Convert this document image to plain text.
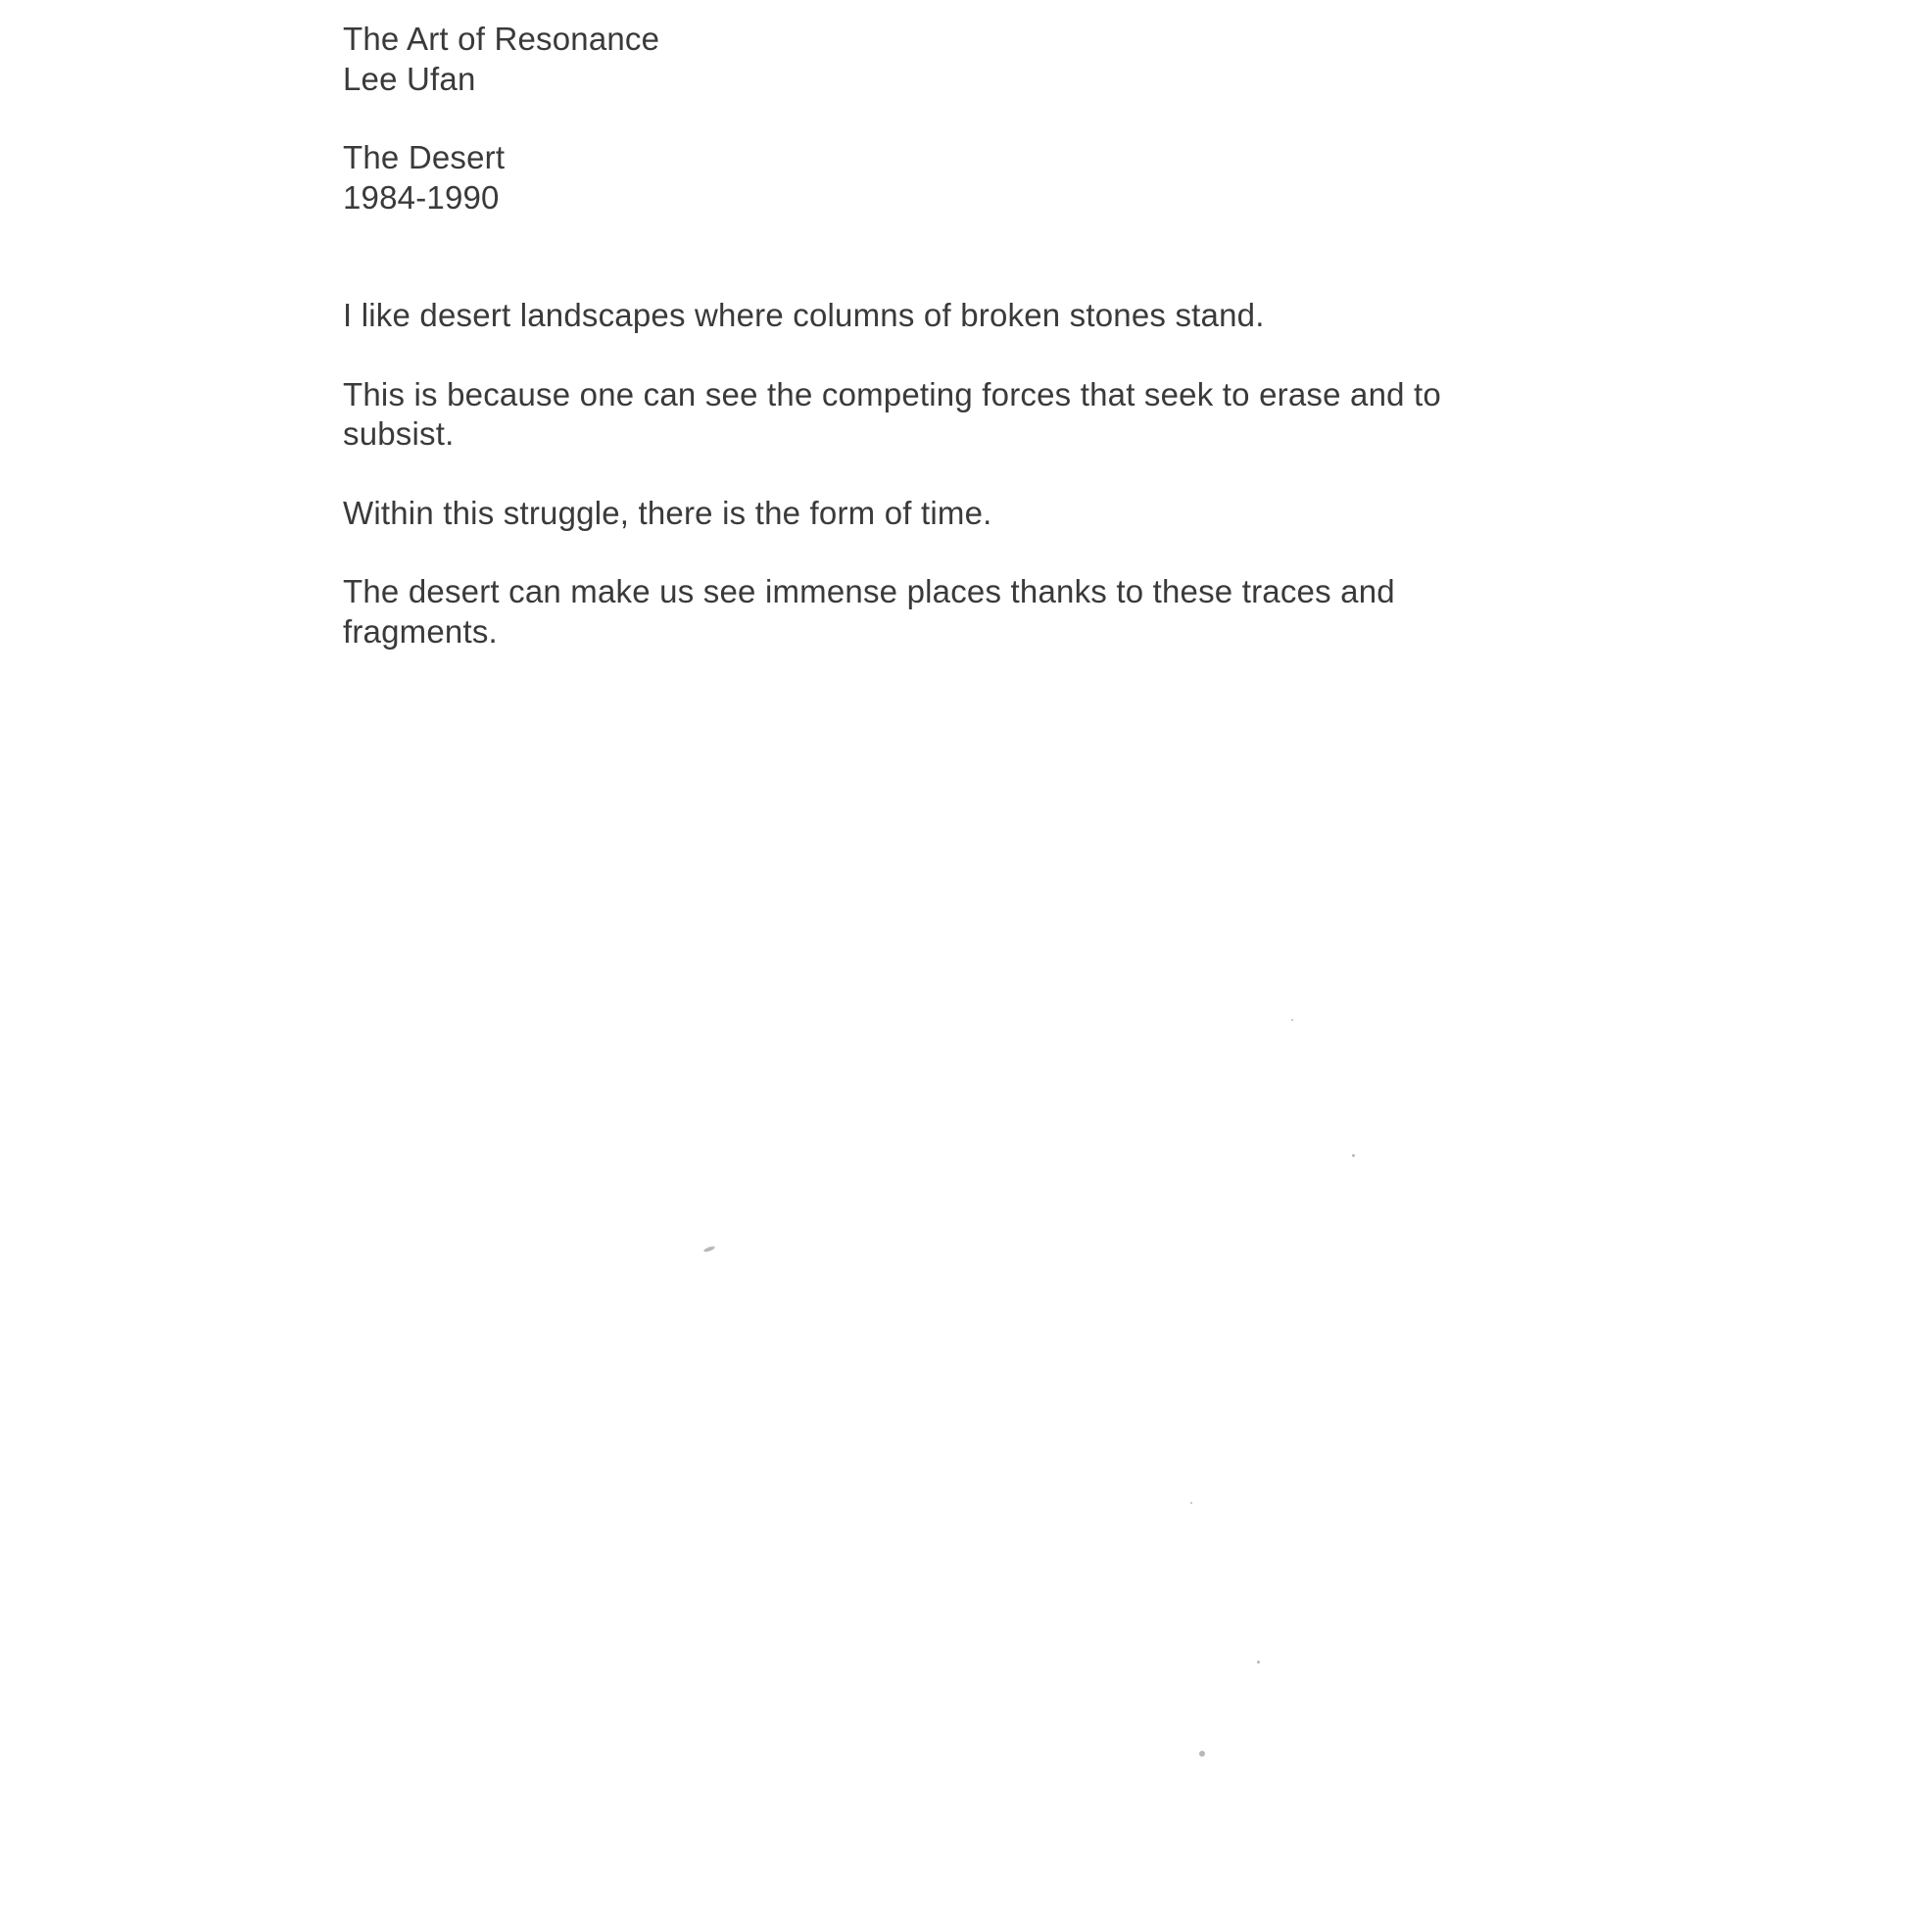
The Art of Resonance
Lee Ufan
The Desert
1984-1990
I like desert landscapes where columns of broken stones stand.
This is because one can see the competing forces that seek to erase and to subsist.
Within this struggle, there is the form of time.
The desert can make us see immense places thanks to these traces and fragments.
